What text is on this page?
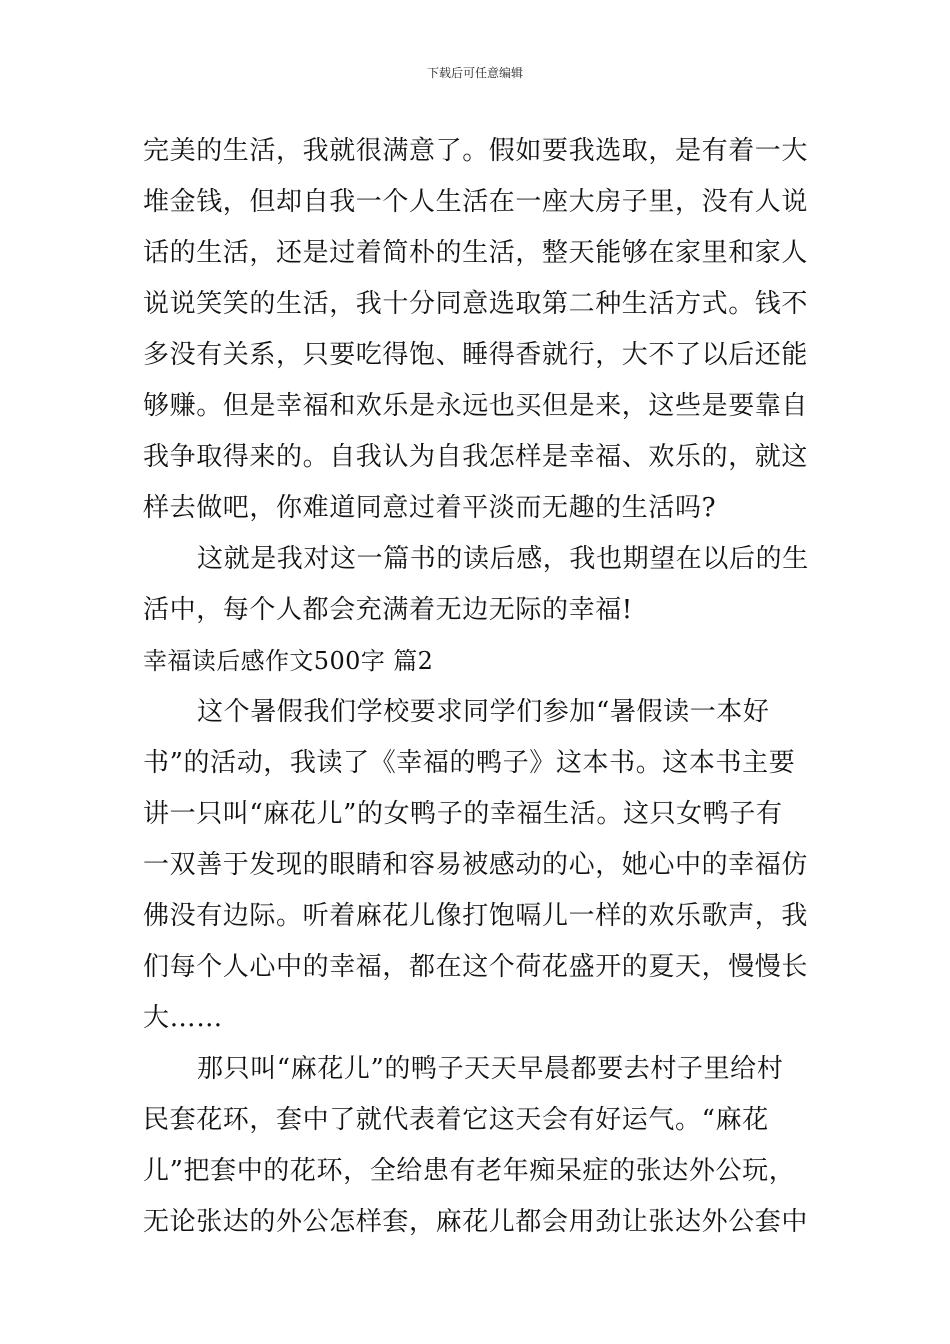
下载后可任意编辑
完美的生活，我就很满意了。假如要我选取，是有着一大
堆金钱，但却自我一个人生活在一座大房子里，没有人说
话的生活，还是过着简朴的生活，整天能够在家里和家人
说说笑笑的生活，我十分同意选取第二种生活方式。钱不
多没有关系，只要吃得饱、睡得香就行，大不了以后还能
够赚。但是幸福和欢乐是永远也买但是来，这些是要靠自
我争取得来的。自我认为自我怎样是幸福、欢乐的，就这
样去做吧，你难道同意过着平淡而无趣的生活吗?
这就是我对这一篇书的读后感，我也期望在以后的生
活中，每个人都会充满着无边无际的幸福!
幸福读后感作文500字 篇2
这个暑假我们学校要求同学们参加“暑假读一本好
书”的活动，我读了《幸福的鸭子》这本书。这本书主要
讲一只叫“麻花儿”的女鸭子的幸福生活。这只女鸭子有
一双善于发现的眼睛和容易被感动的心，她心中的幸福仿
佛没有边际。听着麻花儿像打饱嗝儿一样的欢乐歌声，我
们每个人心中的幸福，都在这个荷花盛开的夏天，慢慢长
大……
那只叫“麻花儿”的鸭子天天早晨都要去村子里给村
民套花环，套中了就代表着它这天会有好运气。“麻花
儿”把套中的花环，全给患有老年痴呆症的张达外公玩，
无论张达的外公怎样套，麻花儿都会用劲让张达外公套中
